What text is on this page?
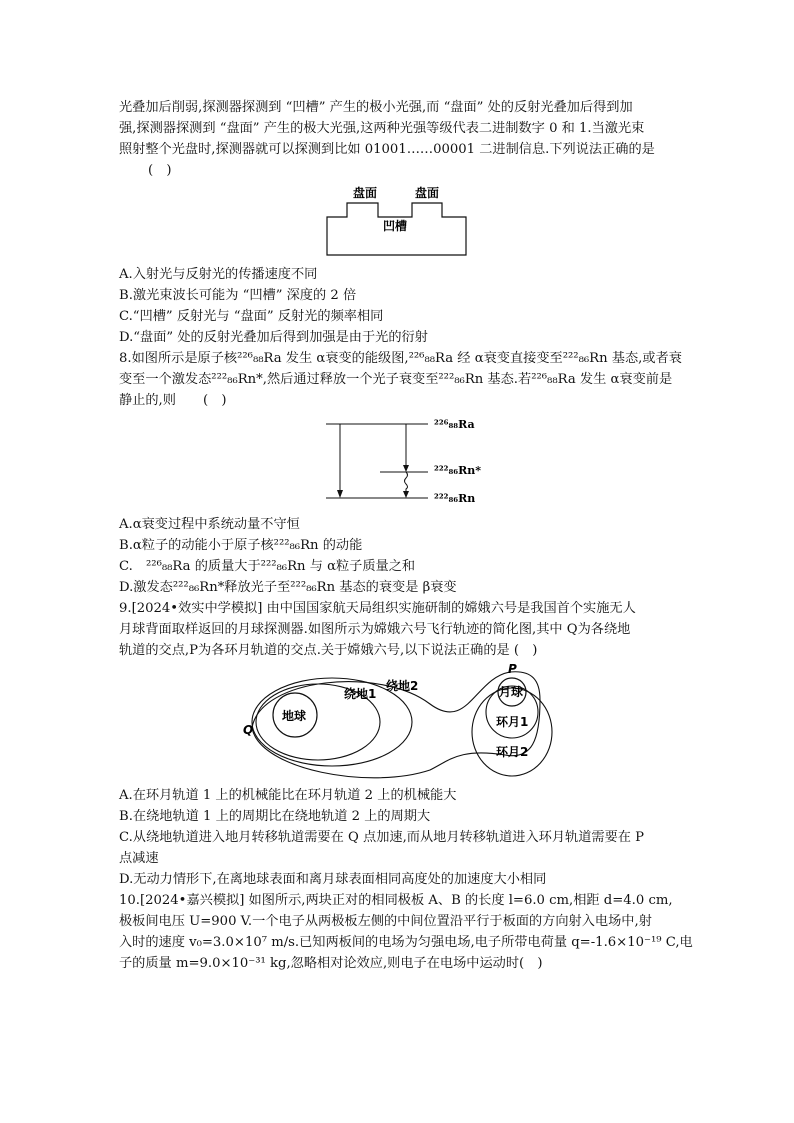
光叠加后削弱,探测器探测到 “凹槽” 产生的极小光强,而 “盘面” 处的反射光叠加后得到加
强,探测器探测到 “盘面” 产生的极大光强,这两种光强等级代表二进制数字 0 和 1.当激光束
照射整个光盘时,探测器就可以探测到比如 01001……00001 二进制信息.下列说法正确的是
(　)
盘面	盘面
凹槽
A.入射光与反射光的传播速度不同
B.激光束波长可能为 “凹槽” 深度的 2 倍
C.“凹槽” 反射光与 “盘面” 反射光的频率相同
D.“盘面” 处的反射光叠加后得到加强是由于光的衍射
8.如图所示是原子核²²⁶₈₈Ra 发生 α衰变的能级图,²²⁶₈₈Ra 经 α衰变直接变至²²²₈₆Rn 基态,或者衰
变至一个激发态²²²₈₆Rn*,然后通过释放一个光子衰变至²²²₈₆Rn 基态.若²²⁶₈₈Ra 发生 α衰变前是
静止的,则 (　)
²²⁶₈₈Ra
²²²₈₆Rn*
²²²₈₆Rn
A.α衰变过程中系统动量不守恒
B.α粒子的动能小于原子核²²²₈₆Rn 的动能
C.　²²⁶₈₈Ra 的质量大于²²²₈₆Rn 与 α粒子质量之和
D.激发态²²²₈₆Rn*释放光子至²²²₈₆Rn 基态的衰变是 β衰变
9.[2024•效实中学模拟] 由中国国家航天局组织实施研制的嫦娥六号是我国首个实施无人
月球背面取样返回的月球探测器.如图所示为嫦娥六号飞行轨迹的简化图,其中 Q为各绕地
轨道的交点,P为各环月轨道的交点.关于嫦娥六号,以下说法正确的是 (　)
地球
绕地1
绕地2	月球
环月1
环月2
Q
P
A.在环月轨道 1 上的机械能比在环月轨道 2 上的机械能大
B.在绕地轨道 1 上的周期比在绕地轨道 2 上的周期大
C.从绕地轨道进入地月转移轨道需要在 Q 点加速,而从地月转移轨道进入环月轨道需要在 P
点减速
D.无动力情形下,在离地球表面和离月球表面相同高度处的加速度大小相同
10.[2024•嘉兴模拟] 如图所示,两块正对的相同极板 A、B 的长度 l=6.0 cm,相距 d=4.0 cm,
极板间电压 U=900 V.一个电子从两极板左侧的中间位置沿平行于板面的方向射入电场中,射
入时的速度 v₀=3.0×10⁷ m/s.已知两板间的电场为匀强电场,电子所带电荷量 q=-1.6×10⁻¹⁹ C,电
子的质量 m=9.0×10⁻³¹ kg,忽略相对论效应,则电子在电场中运动时(　)
